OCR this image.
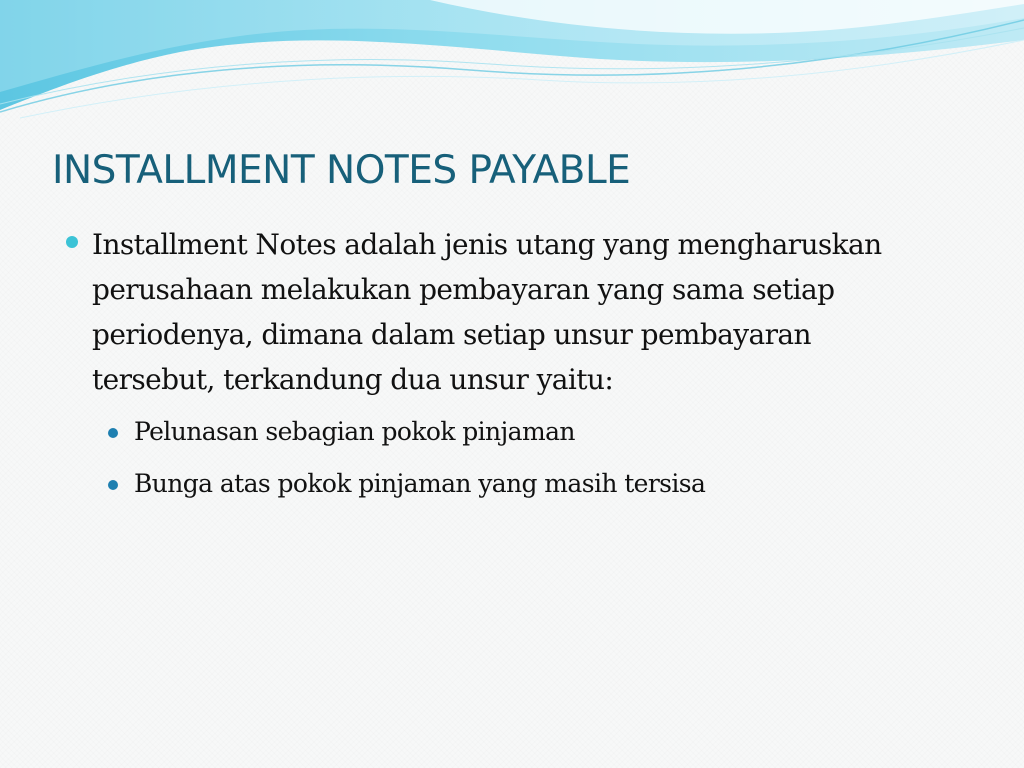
INSTALLMENT NOTES PAYABLE
Installment Notes adalah jenis utang yang mengharuskan perusahaan melakukan pembayaran yang sama setiap periodenya, dimana dalam setiap unsur pembayaran tersebut, terkandung dua unsur yaitu:
Pelunasan sebagian pokok pinjaman
Bunga atas pokok pinjaman yang masih tersisa
